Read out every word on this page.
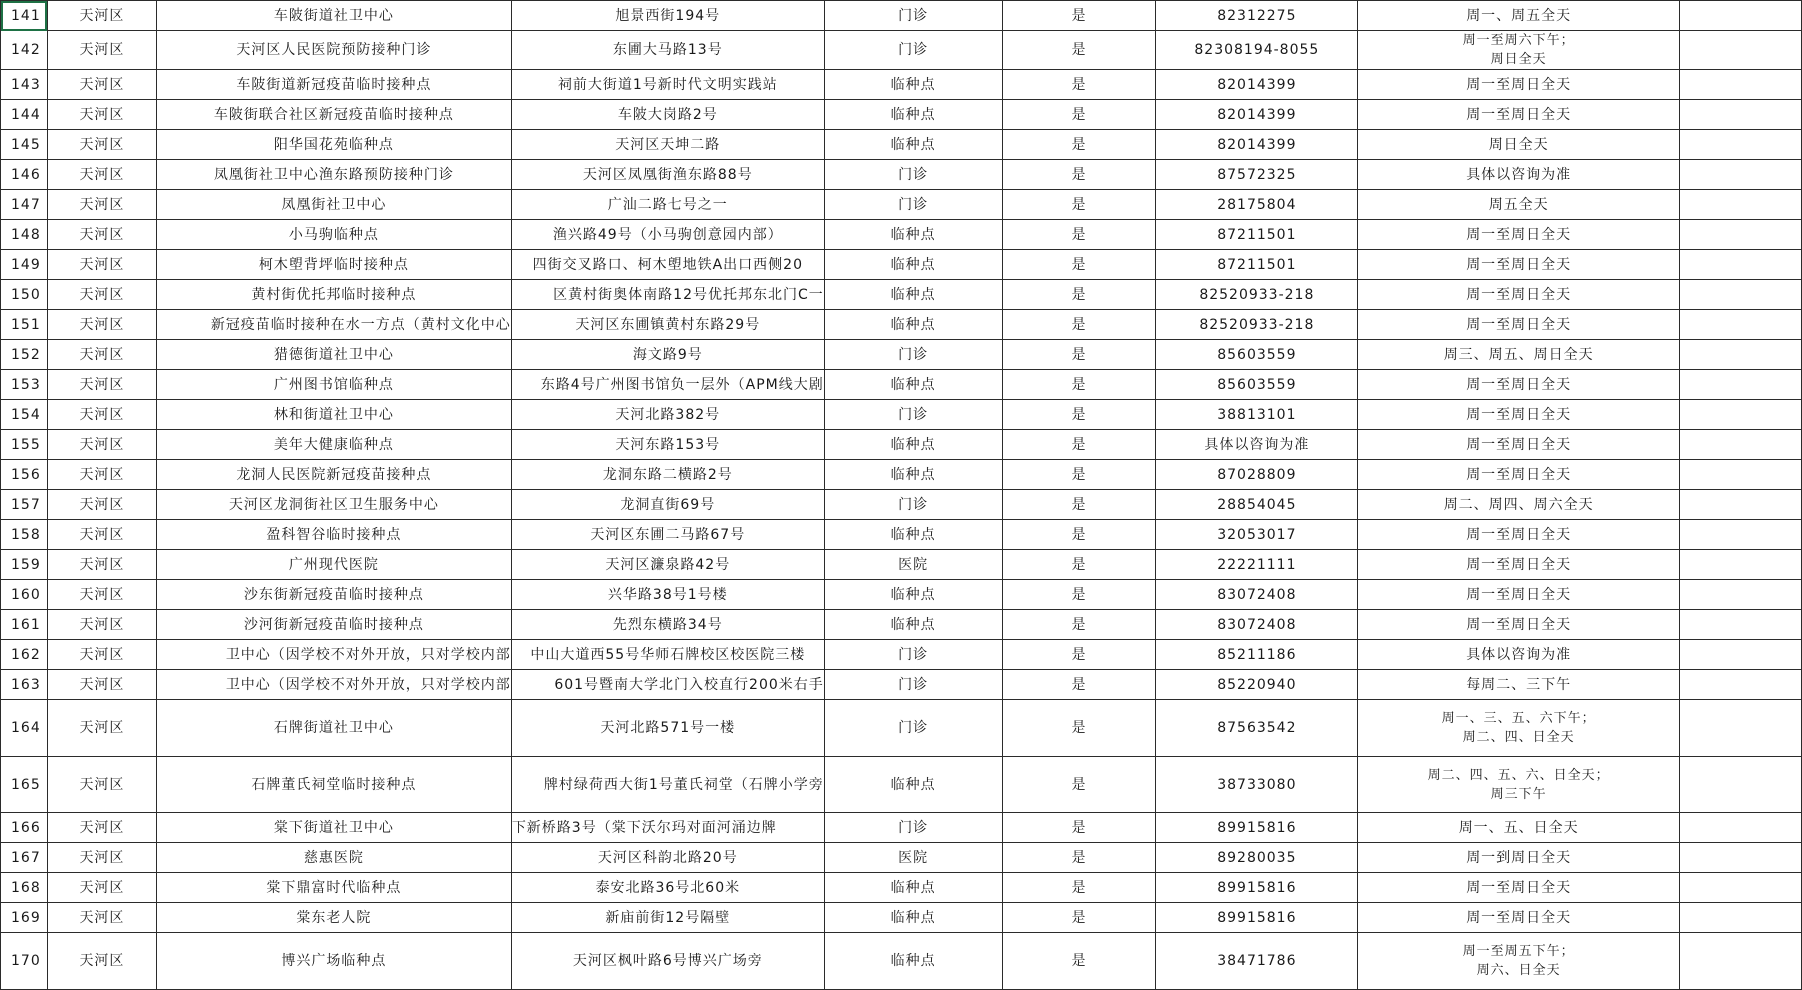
141	天河区	车陂街道社卫中心	旭景西街194号	门诊	是	82312275	周一、周五全天	

142	天河区	天河区人民医院预防接种门诊	东圃大马路13号	门诊	是	82308194-8055	周一至周六下午；
周日全天	

143	天河区	车陂街道新冠疫苗临时接种点	祠前大街道1号新时代文明实践站	临种点	是	82014399	周一至周日全天	

144	天河区	车陂街联合社区新冠疫苗临时接种点	车陂大岗路2号	临种点	是	82014399	周一至周日全天	

145	天河区	阳华国花苑临种点	天河区天坤二路	临种点	是	82014399	周日全天	

146	天河区	凤凰街社卫中心渔东路预防接种门诊	天河区凤凰街渔东路88号	门诊	是	87572325	具体以咨询为准	

147	天河区	凤凰街社卫中心	广汕二路七号之一	门诊	是	28175804	周五全天	

148	天河区	小马驹临种点	渔兴路49号（小马驹创意园内部）	临种点	是	87211501	周一至周日全天	

149	天河区	柯木塱背坪临时接种点	四街交叉路口、柯木塱地铁A出口西侧20	临种点	是	87211501	周一至周日全天	

150	天河区	黄村街优托邦临时接种点	区黄村街奥体南路12号优托邦东北门C一	临种点	是	82520933-218	周一至周日全天	

151	天河区	新冠疫苗临时接种在水一方点（黄村文化中心	天河区东圃镇黄村东路29号	临种点	是	82520933-218	周一至周日全天	

152	天河区	猎德街道社卫中心	海文路9号	门诊	是	85603559	周三、周五、周日全天	

153	天河区	广州图书馆临种点	东路4号广州图书馆负一层外（APM线大剧	临种点	是	85603559	周一至周日全天	

154	天河区	林和街道社卫中心	天河北路382号	门诊	是	38813101	周一至周日全天	

155	天河区	美年大健康临种点	天河东路153号	临种点	是	具体以咨询为准	周一至周日全天	

156	天河区	龙洞人民医院新冠疫苗接种点	龙洞东路二横路2号	临种点	是	87028809	周一至周日全天	

157	天河区	天河区龙洞街社区卫生服务中心	龙洞直街69号	门诊	是	28854045	周二、周四、周六全天	

158	天河区	盈科智谷临时接种点	天河区东圃二马路67号	临种点	是	32053017	周一至周日全天	

159	天河区	广州现代医院	天河区濂泉路42号	医院	是	22221111	周一至周日全天	

160	天河区	沙东街新冠疫苗临时接种点	兴华路38号1号楼	临种点	是	83072408	周一至周日全天	

161	天河区	沙河街新冠疫苗临时接种点	先烈东横路34号	临种点	是	83072408	周一至周日全天	

162	天河区	卫中心（因学校不对外开放，只对学校内部	中山大道西55号华师石牌校区校医院三楼	门诊	是	85211186	具体以咨询为准	

163	天河区	卫中心（因学校不对外开放，只对学校内部	601号暨南大学北门入校直行200米右手	门诊	是	85220940	每周二、三下午	

164	天河区	石牌街道社卫中心	天河北路571号一楼	门诊	是	87563542	周一、三、五、六下午；
周二、四、日全天	

165	天河区	石牌董氏祠堂临时接种点	牌村绿荷西大街1号董氏祠堂（石牌小学旁	临种点	是	38733080	周二、四、五、六、日全天；
周三下午	

166	天河区	棠下街道社卫中心	下新桥路3号（棠下沃尔玛对面河涌边牌	门诊	是	89915816	周一、五、日全天	

167	天河区	慈惠医院	天河区科韵北路20号	医院	是	89280035	周一到周日全天	

168	天河区	棠下鼎富时代临种点	泰安北路36号北60米	临种点	是	89915816	周一至周日全天	

169	天河区	棠东老人院	新庙前街12号隔壁	临种点	是	89915816	周一至周日全天	

170	天河区	博兴广场临种点	天河区枫叶路6号博兴广场旁	临种点	是	38471786	周一至周五下午；
周六、日全天	
